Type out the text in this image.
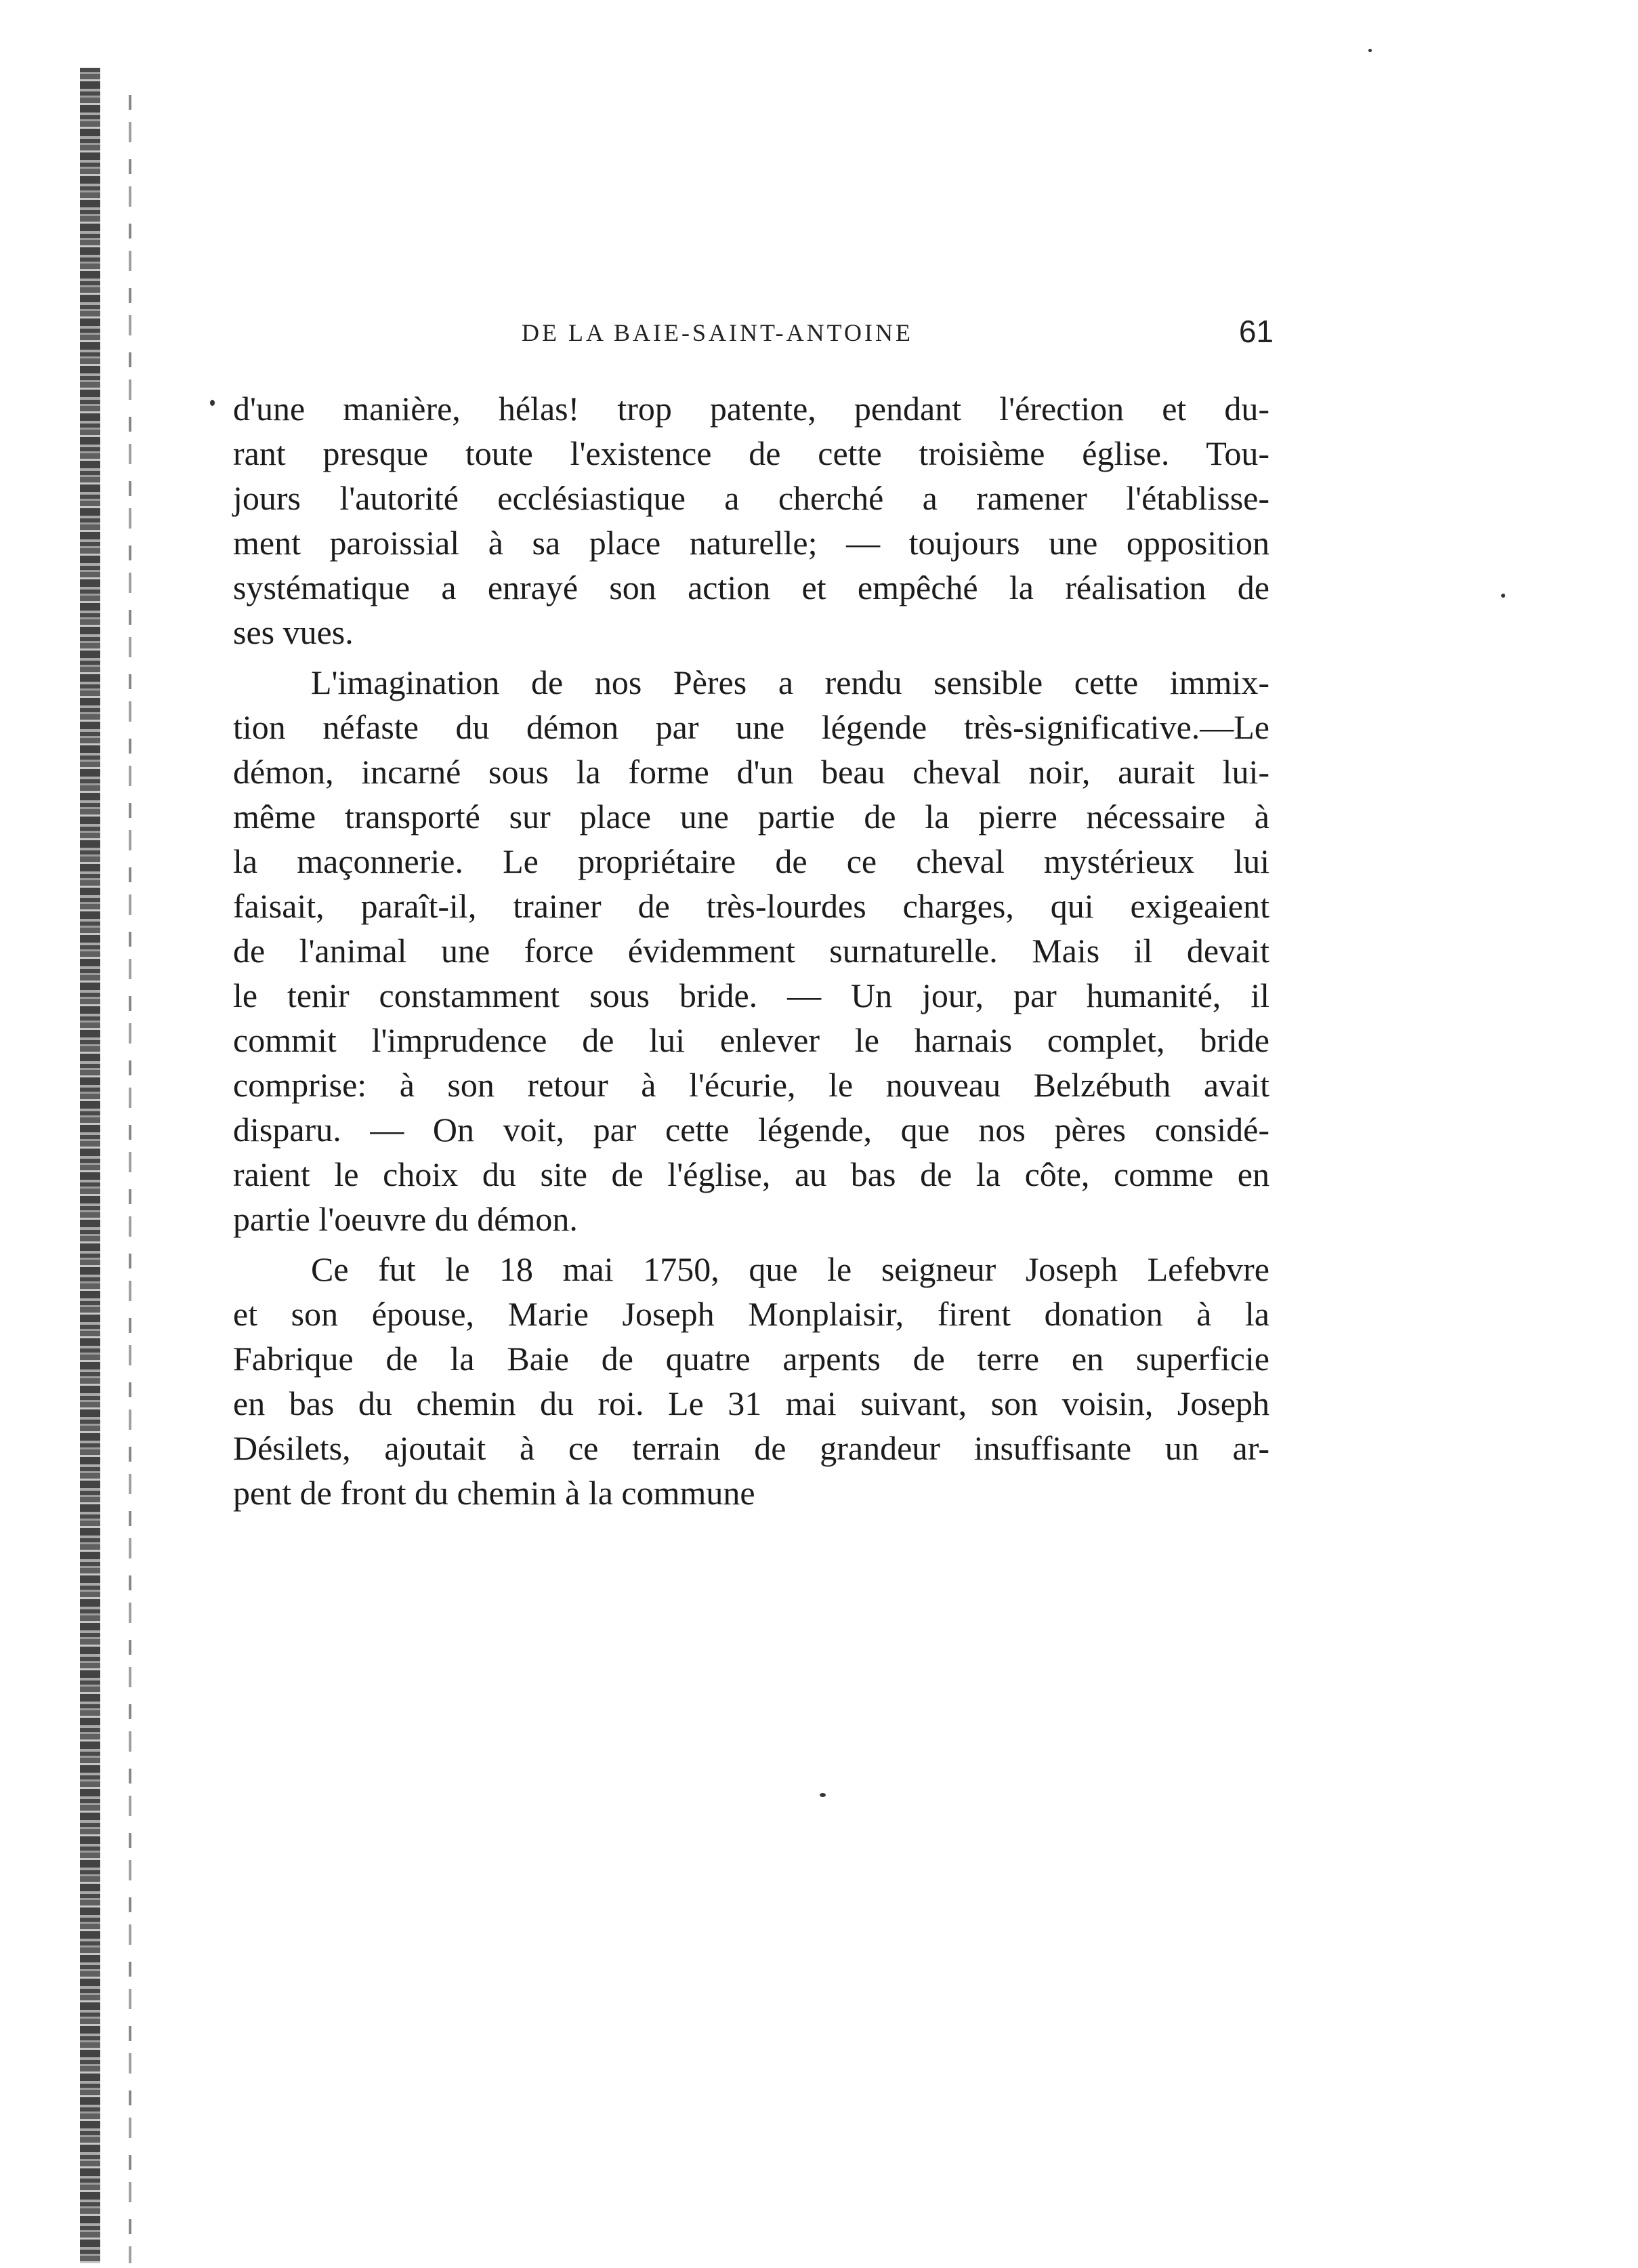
DE LA BAIE-SAINT-ANTOINE	61
d'une manière, hélas! trop patente, pendant l'érection et du-
rant presque toute l'existence de cette troisième église. Tou-
jours l'autorité ecclésiastique a cherché a ramener l'établisse-
ment paroissial à sa place naturelle; — toujours une opposition
systématique a enrayé son action et empêché la réalisation de
ses vues.
L'imagination de nos Pères a rendu sensible cette immix-
tion néfaste du démon par une légende très-significative.—Le
démon, incarné sous la forme d'un beau cheval noir, aurait lui-
même transporté sur place une partie de la pierre nécessaire à
la maçonnerie. Le propriétaire de ce cheval mystérieux lui
faisait, paraît-il, trainer de très-lourdes charges, qui exigeaient
de l'animal une force évidemment surnaturelle. Mais il devait
le tenir constamment sous bride. — Un jour, par humanité, il
commit l'imprudence de lui enlever le harnais complet, bride
comprise: à son retour à l'écurie, le nouveau Belzébuth avait
disparu. — On voit, par cette légende, que nos pères considé-
raient le choix du site de l'église, au bas de la côte, comme en
partie l'oeuvre du démon.
Ce fut le 18 mai 1750, que le seigneur Joseph Lefebvre
et son épouse, Marie Joseph Monplaisir, firent donation à la
Fabrique de la Baie de quatre arpents de terre en superficie
en bas du chemin du roi. Le 31 mai suivant, son voisin, Joseph
Désilets, ajoutait à ce terrain de grandeur insuffisante un ar-
pent de front du chemin à la commune
